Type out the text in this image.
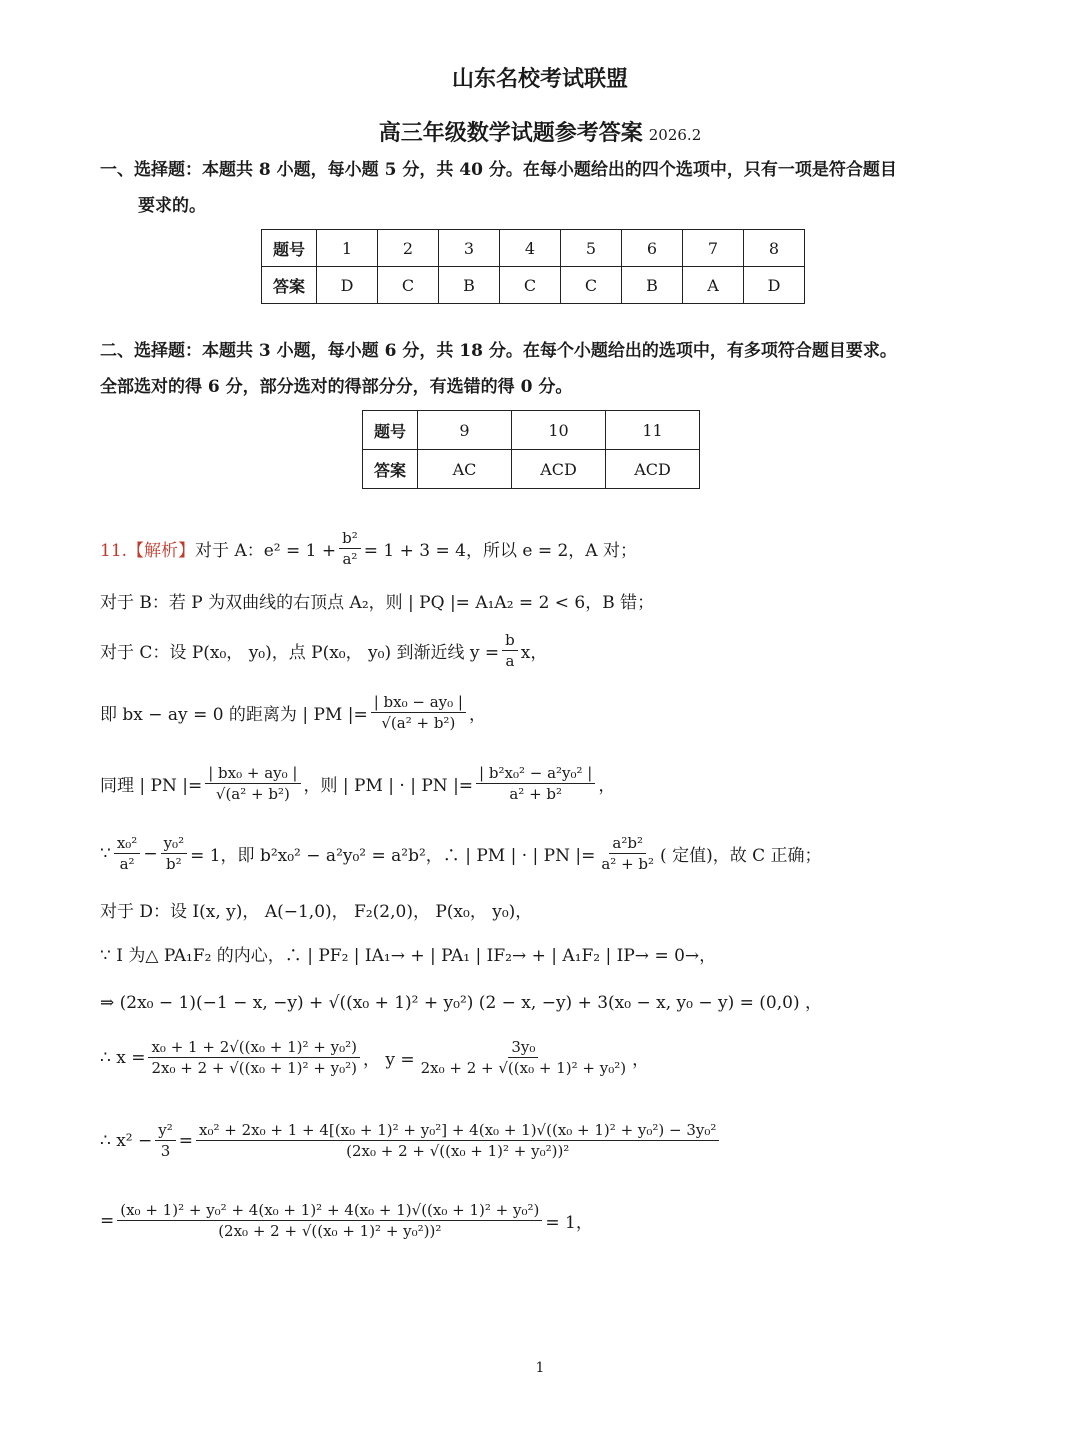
山东名校考试联盟
高三年级数学试题参考答案 2026.2
一、选择题：本题共 8 小题，每小题 5 分，共 40 分。在每小题给出的四个选项中，只有一项是符合题目
要求的。
题号	1	2	3	4	5	6	7	8
答案	D	C	B	C	C	B	A	D
二、选择题：本题共 3 小题，每小题 6 分，共 18 分。在每个小题给出的选项中，有多项符合题目要求。
全部选对的得 6 分，部分选对的得部分分，有选错的得 0 分。
题号	9	10	11
答案	AC	ACD	ACD
11.【解析】 对于 A：$e^2 = 1 + \frac{\text{b²}}{\text{a²}} = 1 + 3 = 4$，所以 e = 2，A 对；
对于 B：若 P 为双曲线的右顶点 A₂，则 | PQ |= A₁A₂ = 2 < 6，B 错；
对于 C：设 P(x₀， y₀)，点 P(x₀， y₀) 到渐近线 $y = \frac{b}{a}$ x，
即 bx − ay = 0 的距离为 | PM |= $\frac{\text{| bx₀ − ay₀ |}}{\text{√(a² + b²)}}$ ，
同理 | PN |= $\frac{\text{| bx₀ + ay₀ |}}{\text{√(a² + b²)}}$ ，则 | PM | · | PN |= $\frac{\text{| b²x₀² − a²y₀² |}}{\text{a² + b²}}$ ，
∵ $\frac{\text{x₀²}}{\text{a²}} - \frac{\text{y₀²}}{\text{b²}} = 1$，即 b²x₀² − a²y₀² = a²b²，∴ | PM | · | PN |= $\frac{\text{a²b²}}{\text{a² + b²}}$ ( 定值)，故 C 正确；
对于 D：设 I(x, y)， A(−1,0)， F₂(2,0)， P(x₀， y₀)，
∵ I 为△ PA₁F₂ 的内心，∴ | PF₂ | IA₁→ + | PA₁ | IF₂→ + | A₁F₂ | IP→ = 0→，
⇒ (2x₀ − 1)(−1 − x, −y) + √((x₀ + 1)² + y₀²) (2 − x, −y) + 3(x₀ − x, y₀ − y) = (0,0) ，
∴ $x = \frac{\text{x₀ + 1 + 2√((x₀ + 1)² + y₀²)}}{\text{2x₀ + 2 + √((x₀ + 1)² + y₀²)}}$ ， $y = \frac{\text{3y₀}}{\text{2x₀ + 2 + √((x₀ + 1)² + y₀²)}}$ ，
∴ $x^2 - \frac{\text{y²}}{3}$ =
x₀² + 2x₀ + 1 + 4[(x₀ + 1)² + y₀²] + 4(x₀ + 1)√((x₀ + 1)² + y₀²) − 3y₀²
(2x₀ + 2 + √((x₀ + 1)² + y₀²))²
= $\frac{\text{(x₀ + 1)² + y₀² + 4(x₀ + 1)² + 4(x₀ + 1)√((x₀ + 1)² + y₀²)}}{\text{(2x₀ + 2 + √((x₀ + 1)² + y₀²))²}} = 1$，
1
